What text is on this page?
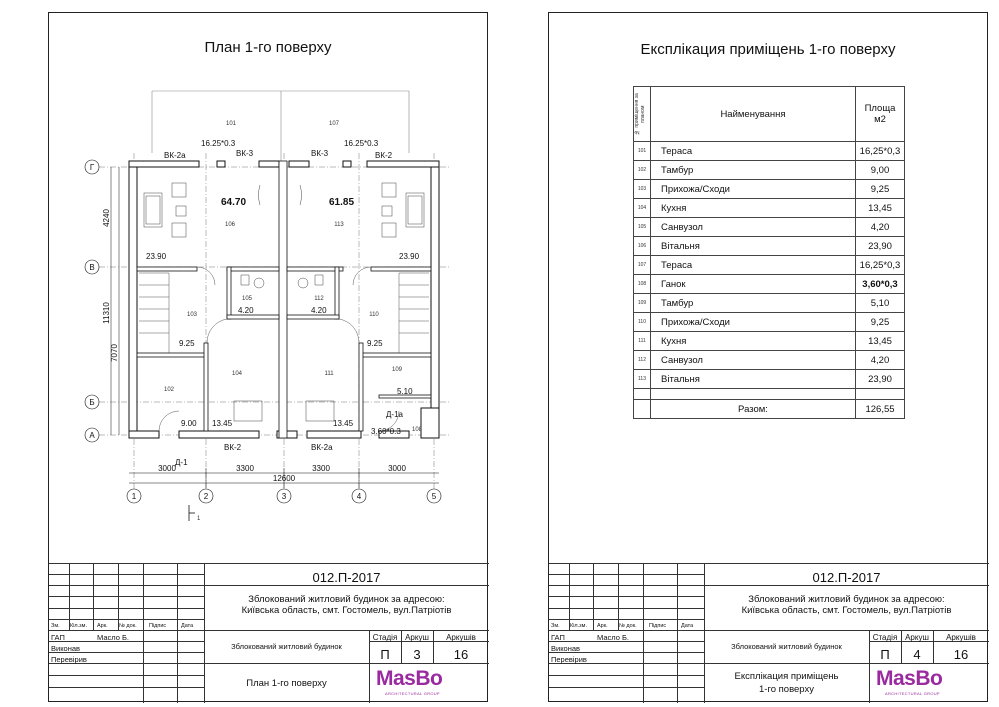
План 1-го поверху
Г
В
Б
А
1	2	3	4	5
3000	3300	3300	3000
12600
4240
7070
11310
101	107
16.25*0.3	16.25*0.3
ВК-2а	ВК-3	ВК-3	ВК-2
64.70	61.85
106	113
23.90	23.90
105	112
4.20	4.20
103	110
9.25	9.25
104	111
102
109
5.10
9.00 13.45	13.45
Д-1а
3.60*0.3 108
ВК-2	ВК-2а
Д-1
1
Зм. Кіл.зм. Арк. № док. Підпис	Дата
ГАП
Виконав
Перевірив
Масло Б.
012.П-2017
Зблокований житловий будинок за адресою:
Київська область, смт. Гостомель, вул.Патріотів
Зблокований житловий будинок
План 1-го поверху
Стадія Аркуш	Аркушів
П	3	16
MasBo
ARCHITECTURAL GROUP
Експлікация приміщень 1-го поверху
№ приміщення за планом	Найменування	Площа
м2

101	Тераса	16,25*0,3
102	Тамбур	9,00
103	Прихожа/Сходи	9,25
104	Кухня	13,45
105	Санвузол	4,20
106	Вітальня	23,90
107	Тераса	16,25*0,3
108	Ганок	3,60*0,3
109	Тамбур	5,10
110	Прихожа/Сходи	9,25
111	Кухня	13,45
112	Санвузол	4,20
113	Вітальня	23,90

	Разом:	126,55
Зм. Кіл.зм. Арк. № док. Підпис	Дата
ГАП
Виконав
Перевірив
Масло Б.
012.П-2017
Зблокований житловий будинок за адресою:
Київська область, смт. Гостомель, вул.Патріотів
Зблокований житловий будинок
Експлікация приміщень
1-го поверху
Стадія Аркуш	Аркушів
П	4	16
MasBo
ARCHITECTURAL GROUP
